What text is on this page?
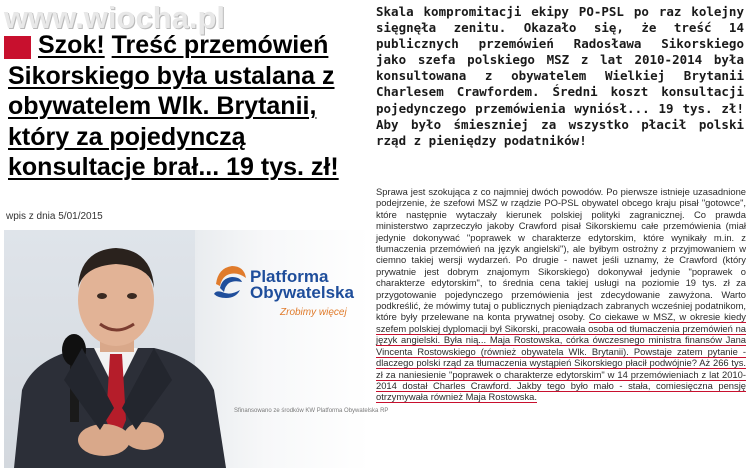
www.wiocha.pl
Szok! Treść przemówień Sikorskiego była ustalana z obywatelem Wlk. Brytanii, który za pojedynczą konsultacje brał... 19 tys. zł!
wpis z dnia 5/01/2015
Platforma
Obywatelska
Zrobimy więcej
Sfinansowano ze środków KW Platforma Obywatelska RP

Skala kompromitacji ekipy PO-PSL po raz kolejny sięgnęła zenitu. Okazało się, że treść 14 publicznych przemówień Radosława Sikorskiego jako szefa polskiego MSZ z lat 2010-2014 była konsultowana z obywatelem Wielkiej Brytanii Charlesem Crawfordem. Średni koszt konsultacji pojedynczego przemówienia wyniósł... 19 tys. zł! Aby było śmieszniej za wszystko płacił polski rząd z pieniędzy podatników!

Sprawa jest szokująca z co najmniej dwóch powodów. Po pierwsze istnieje uzasadnione podejrzenie, że szefowi MSZ w rządzie PO-PSL obywatel obcego kraju pisał "gotowce", które następnie wytaczały kierunek polskiej polityki zagranicznej. Co prawda ministerstwo zaprzeczyło jakoby Crawford pisał Sikorskiemu całe przemówienia (miał jedynie dokonywać "poprawek w charakterze edytorskim, które wynikały m.in. z tłumaczenia przemówień na język angielski"), ale byłbym ostrożny z przyjmowaniem w ciemno takiej wersji wydarzeń. Po drugie - nawet jeśli uznamy, że Crawford (który prywatnie jest dobrym znajomym Sikorskiego) dokonywał jedynie "poprawek o charakterze edytorskim", to średnia cena takiej usługi na poziomie 19 tys. zł za przygotowanie pojedynczego przemówienia jest zdecydowanie zawyżona. Warto podkreślić, że mówimy tutaj o publicznych pieniądzach zabranych wcześniej podatnikom, które były przelewane na konta prywatnej osoby. Co ciekawe w MSZ, w okresie kiedy szefem polskiej dyplomacji był Sikorski, pracowała osoba od tłumaczenia przemówień na język angielski. Była nią... Maja Rostowska, córka ówczesnego ministra finansów Jana Vincenta Rostowskiego (również obywatela Wlk. Brytanii). Powstaje zatem pytanie - dlaczego polski rząd za tłumaczenia wystąpień Sikorskiego płacił podwójnie? Aż 266 tys. zł za naniesienie "poprawek o charakterze edytorskim" w 14 przemówieniach z lat 2010-2014 dostał Charles Crawford. Jakby tego było mało - stała, comiesięczna pensję otrzymywała również Maja Rostowska.
